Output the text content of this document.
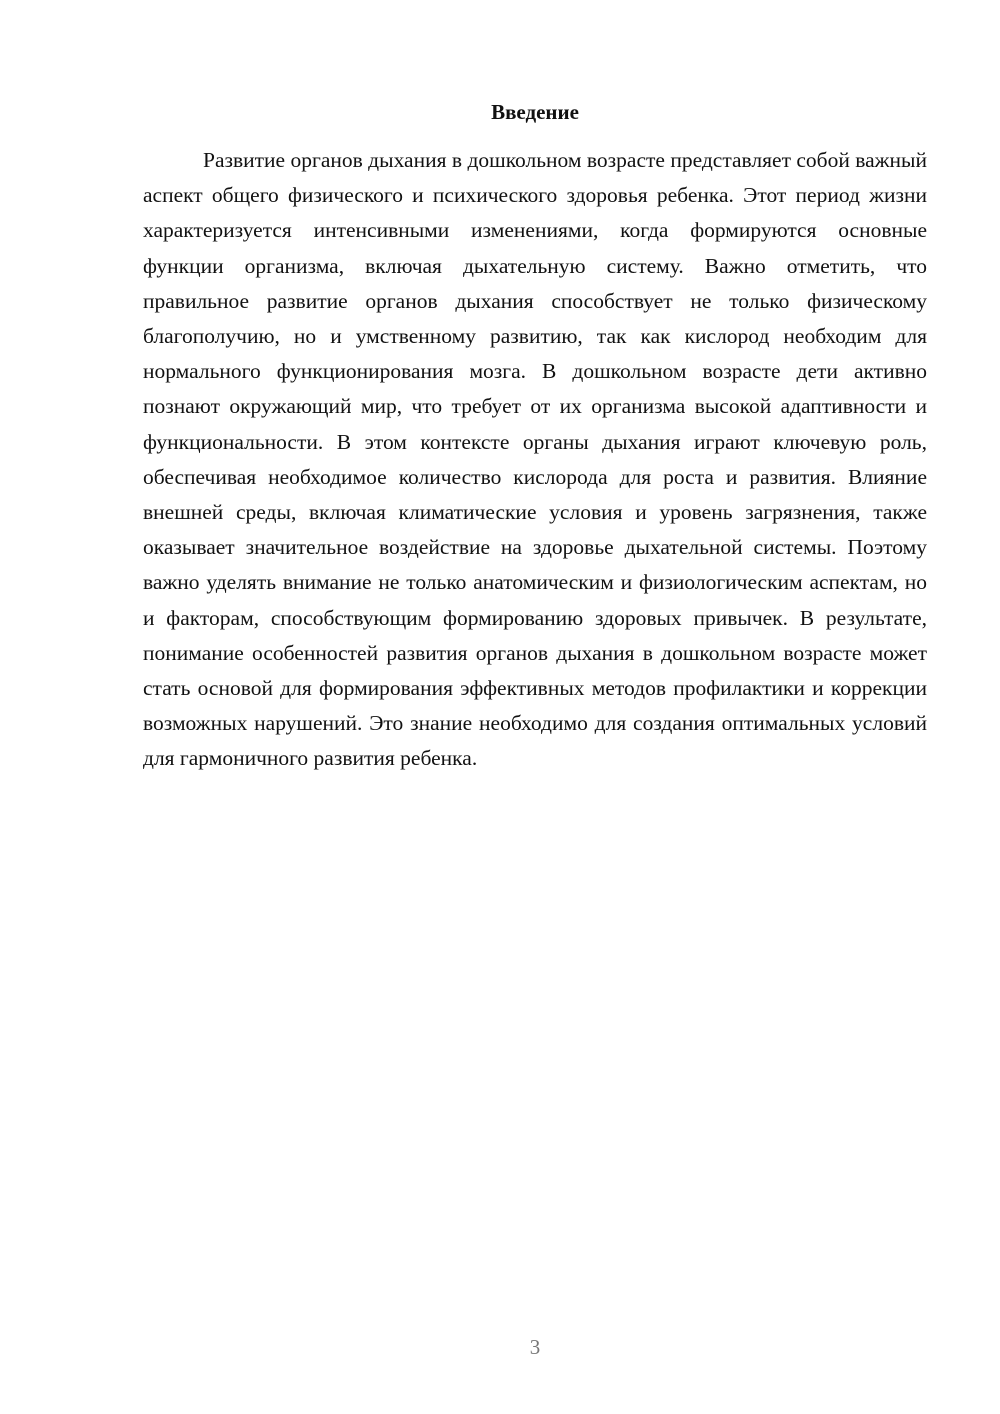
Введение

Развитие органов дыхания в дошкольном возрасте представляет собой важный аспект общего физического и психического здоровья ребенка. Этот период жизни характеризуется интенсивными изменениями, когда формируются основные функции организма, включая дыхательную систему. Важно отметить, что правильное развитие органов дыхания способствует не только физическому благополучию, но и умственному развитию, так как кислород необходим для нормального функционирования мозга. В дошкольном возрасте дети активно познают окружающий мир, что требует от их организма высокой адаптивности и функциональности. В этом контексте органы дыхания играют ключевую роль, обеспечивая необходимое количество кислорода для роста и развития. Влияние внешней среды, включая климатические условия и уровень загрязнения, также оказывает значительное воздействие на здоровье дыхательной системы. Поэтому важно уделять внимание не только анатомическим и физиологическим аспектам, но и факторам, способствующим формированию здоровых привычек. В результате, понимание особенностей развития органов дыхания в дошкольном возрасте может стать основой для формирования эффективных методов профилактики и коррекции возможных нарушений. Это знание необходимо для создания оптимальных условий для гармоничного развития ребенка.

3
